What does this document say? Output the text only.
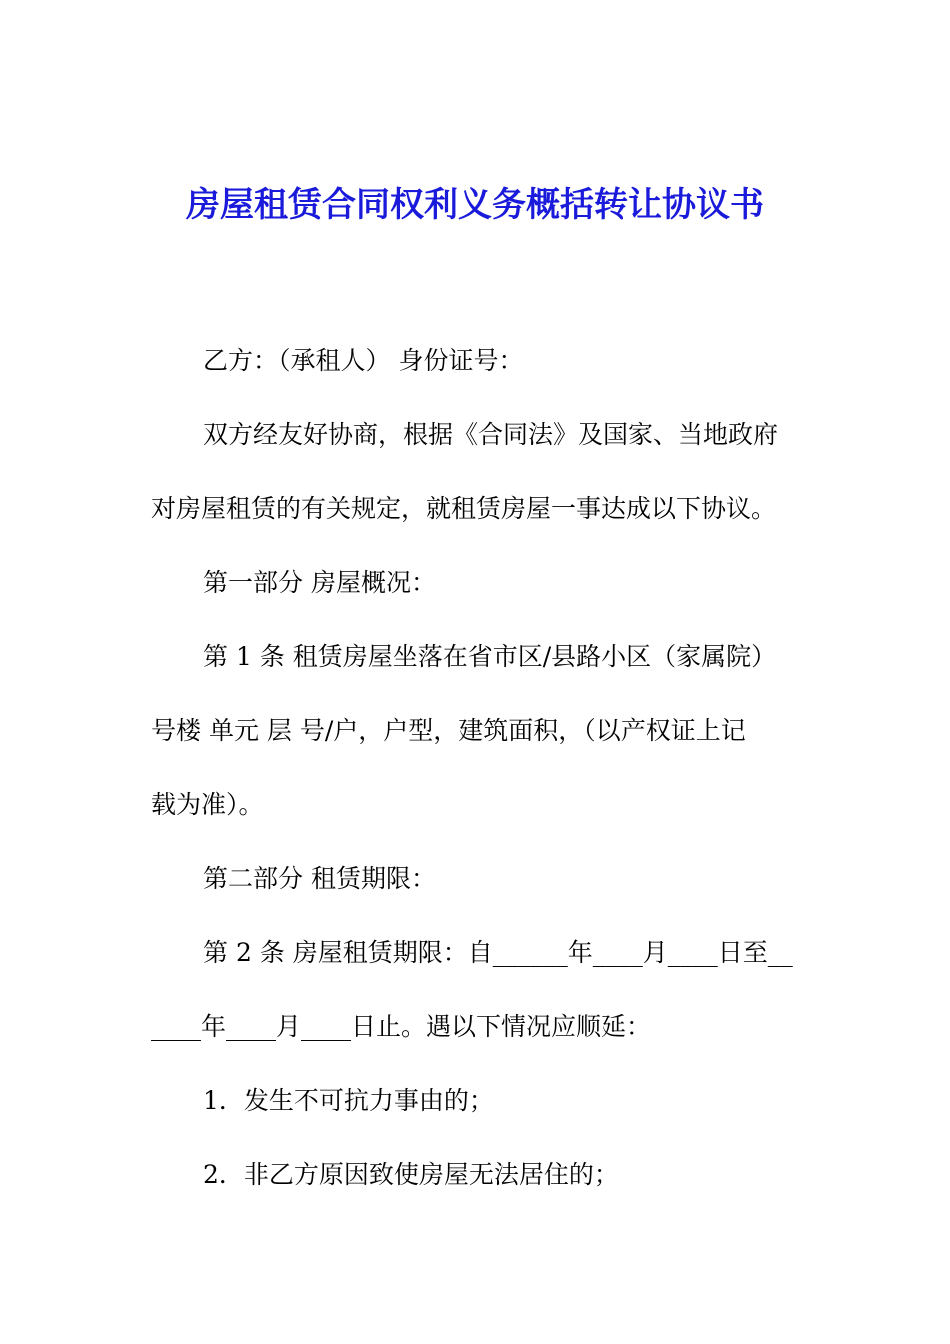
房屋租赁合同权利义务概括转让协议书
乙方：（承租人） 身份证号：
双方经友好协商，根据《合同法》及国家、当地政府
对房屋租赁的有关规定，就租赁房屋一事达成以下协议。
第一部分 房屋概况：
第 1 条 租赁房屋坐落在省市区/县路小区（家属院）
号楼 单元 层 号/户，户型，建筑面积，（以产权证上记
载为准）。
第二部分 租赁期限：
第 2 条 房屋租赁期限：自______年____月____日至__
____年____月____日止。遇以下情况应顺延：
1．发生不可抗力事由的；
2．非乙方原因致使房屋无法居住的；
